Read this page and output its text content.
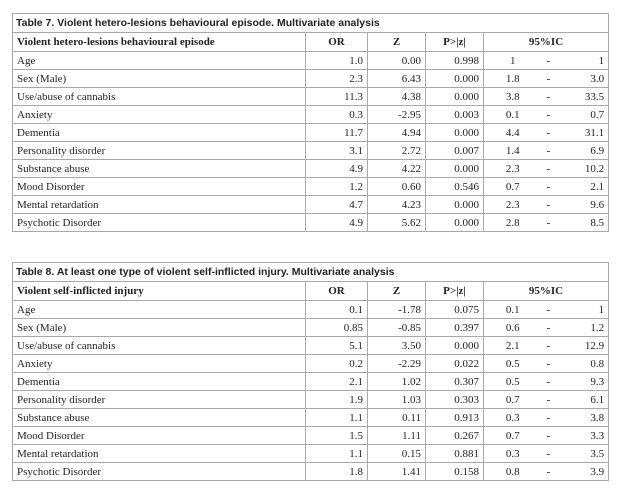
Table 7. Violent hetero-lesions behavioural episode. Multivariate analysis						
Violent hetero-lesions behavioural episode	OR	Z	P>|z|	95%IC		
Age	1.0	0.00	0.998	1	-	1
Sex (Male)	2.3	6.43	0.000	1.8	-	3.0
Use/abuse of cannabis	11.3	4.38	0.000	3.8	-	33.5
Anxiety	0.3	-2.95	0.003	0.1	-	0.7
Dementia	11.7	4.94	0.000	4.4	-	31.1
Personality disorder	3.1	2.72	0.007	1.4	-	6.9
Substance abuse	4.9	4.22	0.000	2.3	-	10.2
Mood Disorder	1.2	0.60	0.546	0.7	-	2.1
Mental retardation	4.7	4.23	0.000	2.3	-	9.6
Psychotic Disorder	4.9	5.62	0.000	2.8	-	8.5
Table 8. At least one type of violent self-inflicted injury. Multivariate analysis						
Violent self-inflicted injury	OR	Z	P>|z|	95%IC		
Age	0.1	-1.78	0.075	0.1	-	1
Sex (Male)	0.85	-0.85	0.397	0.6	-	1.2
Use/abuse of cannabis	5.1	3.50	0.000	2.1	-	12.9
Anxiety	0.2	-2.29	0.022	0.5	-	0.8
Dementia	2.1	1.02	0.307	0.5	-	9.3
Personality disorder	1.9	1.03	0.303	0.7	-	6.1
Substance abuse	1.1	0.11	0.913	0.3	-	3.8
Mood Disorder	1.5	1.11	0.267	0.7	-	3.3
Mental retardation	1.1	0.15	0.881	0.3	-	3.5
Psychotic Disorder	1.8	1.41	0.158	0.8	-	3.9
